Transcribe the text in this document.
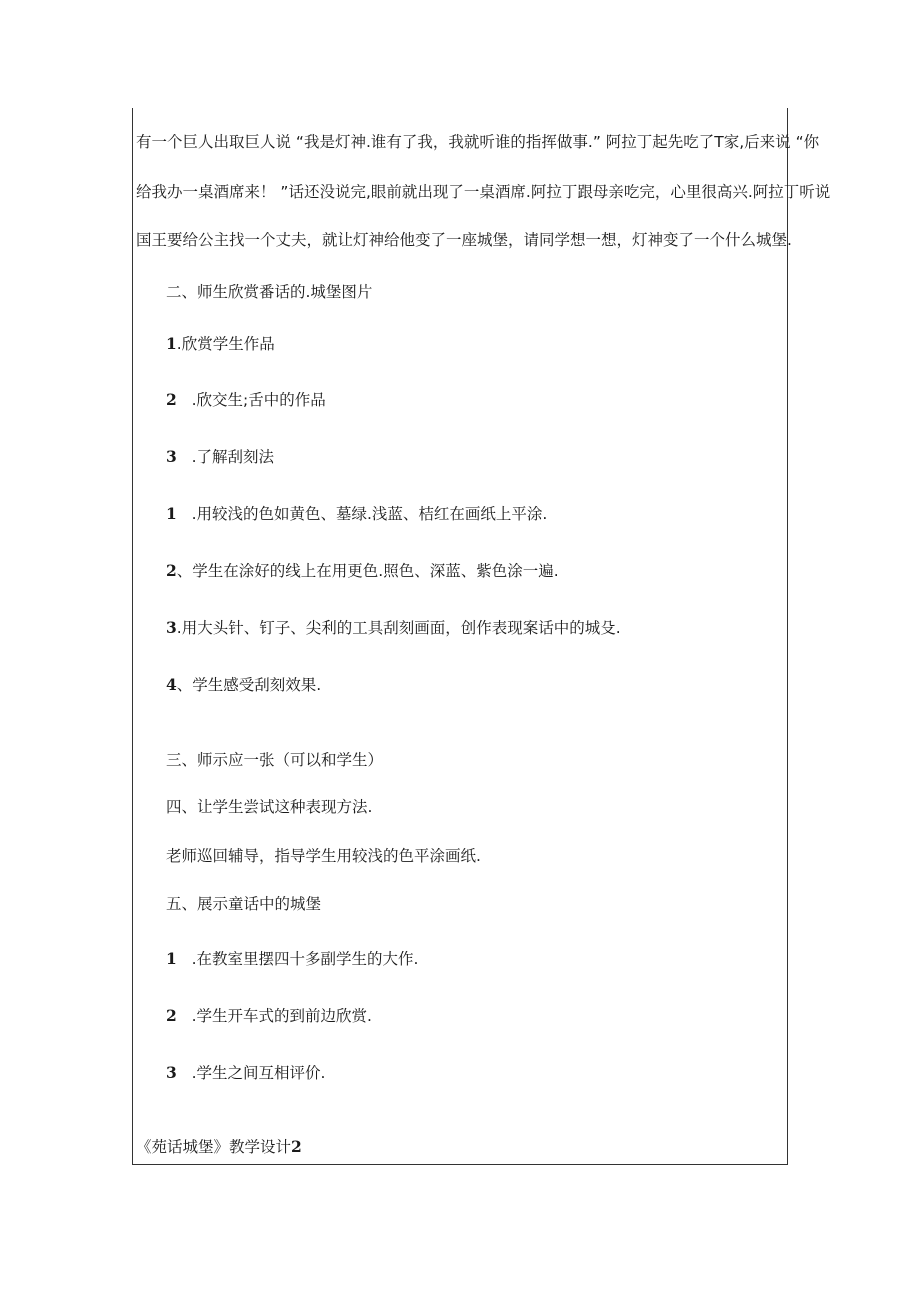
有一个巨人出取巨人说 “我是灯神.谁有了我，我就听谁的指挥做事.” 阿拉丁起先吃了T家,后来说 “你
给我办一桌酒席来！ ”话还没说完,眼前就出现了一桌酒席.阿拉丁跟母亲吃完，心里很高兴.阿拉丁听说
国王要给公主找一个丈夫，就让灯神给他变了一座城堡，请同学想一想，灯神变了一个什么城堡.
二、师生欣赏番话的.城堡图片
1.欣赏学生作品
2   .欣交生;舌中的作品
3   .了解刮刻法
1   .用较浅的色如黄色、墓绿.浅蓝、桔红在画纸上平涂.
2、学生在涂好的线上在用更色.照色、深蓝、紫色涂一遍.
3.用大头针、钉子、尖利的工具刮刻画面，创作表现案话中的城殳.
4、学生感受刮刻效果.
三、师示应一张（可以和学生）
四、让学生尝试这种表现方法.
老师巡回辅导，指导学生用较浅的色平涂画纸.
五、展示童话中的城堡
1   .在教室里摆四十多副学生的大作.
2   .学生开车式的到前边欣赏.
3   .学生之间互相评价.
《苑话城堡》教学设计2
